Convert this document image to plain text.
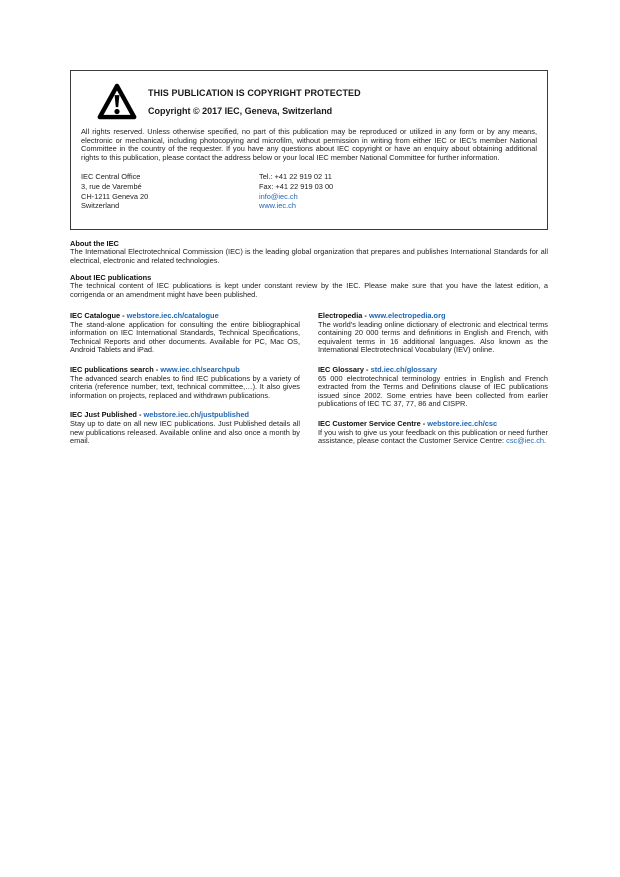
THIS PUBLICATION IS COPYRIGHT PROTECTED
Copyright © 2017 IEC, Geneva, Switzerland

All rights reserved. Unless otherwise specified, no part of this publication may be reproduced or utilized in any form or by any means, electronic or mechanical, including photocopying and microfilm, without permission in writing from either IEC or IEC's member National Committee in the country of the requester. If you have any questions about IEC copyright or have an enquiry about obtaining additional rights to this publication, please contact the address below or your local IEC member National Committee for further information.

IEC Central Office
3, rue de Varembé
CH-1211 Geneva 20
Switzerland
Tel.: +41 22 919 02 11
Fax: +41 22 919 03 00
info@iec.ch
www.iec.ch
About the IEC

The International Electrotechnical Commission (IEC) is the leading global organization that prepares and publishes International Standards for all electrical, electronic and related technologies.

About IEC publications

The technical content of IEC publications is kept under constant review by the IEC. Please make sure that you have the latest edition, a corrigenda or an amendment might have been published.

IEC Catalogue - webstore.iec.ch/catalogue

The stand-alone application for consulting the entire bibliographical information on IEC International Standards, Technical Specifications, Technical Reports and other documents. Available for PC, Mac OS, Android Tablets and iPad.

IEC publications search - www.iec.ch/searchpub

The advanced search enables to find IEC publications by a variety of criteria (reference number, text, technical committee,…). It also gives information on projects, replaced and withdrawn publications.

IEC Just Published - webstore.iec.ch/justpublished

Stay up to date on all new IEC publications. Just Published details all new publications released. Available online and also once a month by email.

Electropedia - www.electropedia.org

The world's leading online dictionary of electronic and electrical terms containing 20 000 terms and definitions in English and French, with equivalent terms in 16 additional languages. Also known as the International Electrotechnical Vocabulary (IEV) online.

IEC Glossary - std.iec.ch/glossary

65 000 electrotechnical terminology entries in English and French extracted from the Terms and Definitions clause of IEC publications issued since 2002. Some entries have been collected from earlier publications of IEC TC 37, 77, 86 and CISPR.

IEC Customer Service Centre - webstore.iec.ch/csc

If you wish to give us your feedback on this publication or need further assistance, please contact the Customer Service Centre: csc@iec.ch.
